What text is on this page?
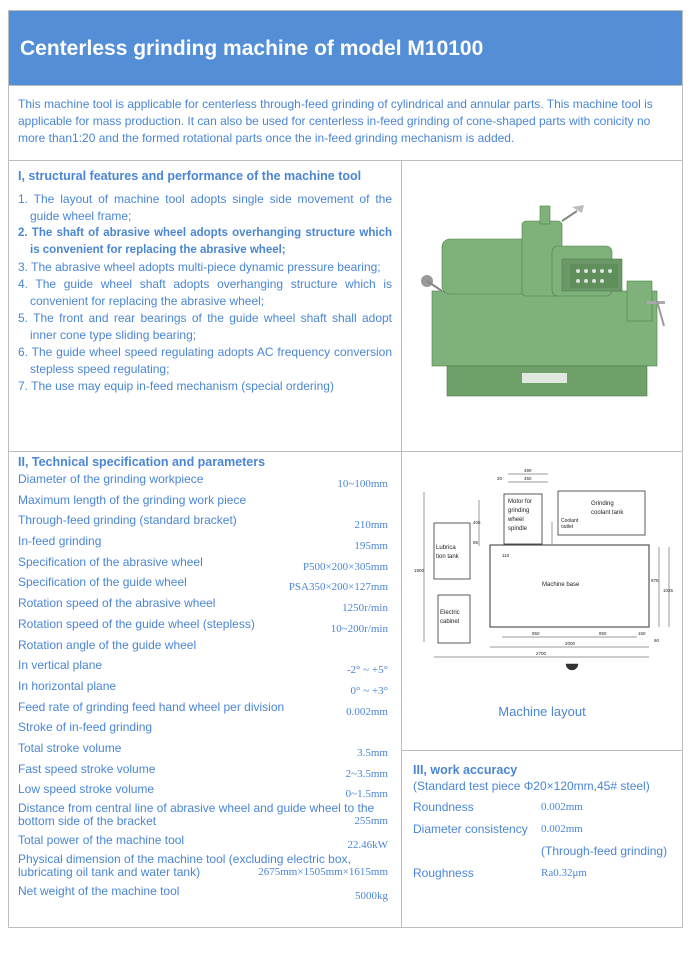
Centerless grinding machine of model M10100
This machine tool is applicable for centerless through-feed grinding of cylindrical and annular parts. This machine tool is applicable for mass production. It can also be used for centerless in-feed grinding of cone-shaped parts with conicity no more than1:20 and the formed rotational parts once the in-feed grinding mechanism is added.
I, structural features and performance of the machine tool
1. The layout of machine tool adopts single side movement of the guide wheel frame;
2. The shaft of abrasive wheel adopts overhanging structure which is convenient for replacing the abrasive wheel;
3. The abrasive wheel adopts multi-piece dynamic pressure bearing;
4. The guide wheel shaft adopts overhanging structure which is convenient for replacing the abrasive wheel;
5. The front and rear bearings of the guide wheel shaft shall adopt inner cone type sliding bearing;
6. The guide wheel speed regulating adopts AC frequency conversion stepless speed regulating;
7. The use may equip in-feed mechanism (special ordering)
II, Technical specification and parameters
Diameter of the grinding workpiece	10~100mm
Maximum length of the grinding work piece
Through-feed grinding (standard bracket)	210mm
In-feed grinding	195mm
Specification of the abrasive wheel	P500×200×305mm
Specification of the guide wheel	PSA350×200×127mm
Rotation speed of the abrasive wheel	1250r/min
Rotation speed of the guide wheel (stepless)	10~200r/min
Rotation angle of the guide wheel
In vertical plane	-2° ~ +5°
In horizontal plane	0° ~ +3°
Feed rate of grinding feed hand wheel per division	0.002mm
Stroke of in-feed grinding
Total stroke volume	3.5mm
Fast speed stroke volume	2~3.5mm
Low speed stroke volume	0~1.5mm
Distance from central line of abrasive wheel and guide wheel to the bottom side of the bracket	255mm
Total power of the machine tool	22.46kW
Physical dimension of the machine tool (excluding electric box, lubricating oil tank and water tank)	2675mm×1505mm×1615mm
Net weight of the machine tool	5000kg
Motor for
grinding
wheel
spindle
Grinding
coolant tank
Coolant
outlet
Lubrica
tion tank
Electric
cabinet
Machine base
490
450
20
405
95
110
1900
975
1025
850	850	150
2000
2700
50
Machine layout
III, work accuracy
(Standard test piece Φ20×120mm,45# steel)
Roundness	0.002mm
Diameter consistency 0.002mm
(Through-feed grinding)
Roughness	Ra0.32μm
